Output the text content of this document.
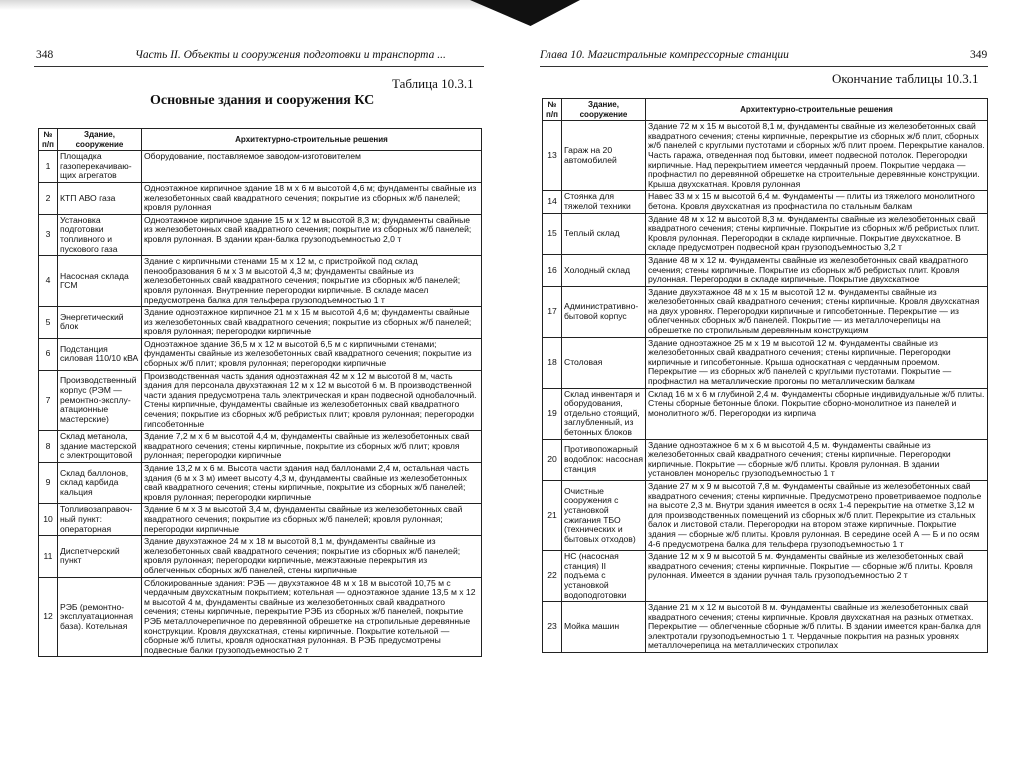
348	Часть II. Объекты и сооружения подготовки и транспорта ...
Таблица 10.3.1
Основные здания и сооружения КС
№ п/п	Здание, сооружение	Архитектурно-строительные решения
1	Площадка газоперекачиваю-щих агрегатов	Оборудование, поставляемое заводом-изготовителем
2	КТП АВО газа	Одноэтажное кирпичное здание 18 м х 6 м высотой 4,6 м; фундаменты свайные из железобетонных свай квадратного сечения; покрытие из сборных ж/б панелей; кровля рулонная
3	Установка подготовки топливного и пускового газа	Одноэтажное кирпичное здание 15 м х 12 м высотой 8,3 м; фундаменты свайные из железобетонных свай квадратного сечения; покрытие из сборных ж/б панелей; кровля рулонная. В здании кран-балка грузоподъемностью 2,0 т
4	Насосная склада ГСМ	Здание с кирпичными стенами 15 м х 12 м, с пристройкой под склад пенообразования 6 м х 3 м высотой 4,3 м; фундаменты свайные из железобетонных свай квадратного сечения; покрытие из сборных ж/б панелей; кровля рулонная. Внутренние перегородки кирпичные. В складе масел предусмотрена балка для тельфера грузоподъемностью 1 т
5	Энергетический блок	Здание одноэтажное кирпичное 21 м х 15 м высотой 4,6 м; фундаменты свайные из железобетонных свай квадратного сечения; покрытие из сборных ж/б панелей; кровля рулонная; перегородки кирпичные
6	Подстанция силовая 110/10 кВА	Одноэтажное здание 36,5 м х 12 м высотой 6,5 м с кирпичными стенами; фундаменты свайные из железобетонных свай квадратного сечения; покрытие из сборных ж/б плит; кровля рулонная; перегородки кирпичные
7	Производственный корпус (РЭМ — ремонтно-эксплу-атационные мастерские)	Производственная часть здания одноэтажная 42 м х 12 м высотой 8 м, часть здания для персонала двухэтажная 12 м х 12 м высотой 6 м. В производственной части здания предусмотрена таль электрическая и кран подвесной однобалочный. Стены кирпичные, фундаменты свайные из железобетонных свай квадратного сечения; покрытие из сборных ж/б ребристых плит; кровля рулонная; перегородки гипсобетонные
8	Склад метанола, здание мастерской с электрощитовой	Здание 7,2 м х 6 м высотой 4,4 м, фундаменты свайные из железобетонных свай квадратного сечения; стены кирпичные, покрытие из сборных ж/б плит; кровля рулонная; перегородки кирпичные
9	Склад баллонов, склад карбида кальция	Здание 13,2 м х 6 м. Высота части здания над баллонами 2,4 м, остальная часть здания (6 м х 3 м) имеет высоту 4,3 м, фундаменты свайные из железобетонных свай квадратного сечения; стены кирпичные, покрытие из сборных ж/б панелей; кровля рулонная; перегородки кирпичные
10	Топливозаправоч-ный пункт: операторная	Здание 6 м х 3 м высотой 3,4 м, фундаменты свайные из железобетонных свай квадратного сечения; покрытие из сборных ж/б панелей; кровля рулонная; перегородки кирпичные
11	Диспетчерский пункт	Здание двухэтажное 24 м х 18 м высотой 8,1 м, фундаменты свайные из железобетонных свай квадратного сечения; покрытие из сборных ж/б панелей; кровля рулонная; перегородки кирпичные, межэтажные перекрытия из облегченных сборных ж/б панелей, стены кирпичные
12	РЭБ (ремонтно-эксплуатационная база). Котельная	Сблокированные здания: РЭБ — двухэтажное 48 м х 18 м высотой 10,75 м с чердачным двухскатным покрытием; котельная — одноэтажное здание 13,5 м х 12 м высотой 4 м, фундаменты свайные из железобетонных свай квадратного сечения; стены кирпичные, перекрытие РЭБ из сборных ж/б панелей, покрытие РЭБ металлочерепичное по деревянной обрешетке на стропильные деревянные конструкции. Кровля двухскатная, стены кирпичные. Покрытие котельной — сборные ж/б плиты, кровля односкатная рулонная. В РЭБ предусмотрены подвесные балки грузоподъемностью 2 т
Глава 10. Магистральные компрессорные станции	349
Окончание таблицы 10.3.1
№ п/п	Здание, сооружение	Архитектурно-строительные решения
13	Гараж на 20 автомобилей	Здание 72 м х 15 м высотой 8,1 м, фундаменты свайные из железобетонных свай квадратного сечения; стены кирпичные, перекрытие из сборных ж/б плит, сборных ж/б панелей с круглыми пустотами и сборных ж/б плит проем. Перекрытие каналов. Часть гаража, отведенная под бытовки, имеет подвесной потолок. Перегородки кирпичные. Над перекрытием имеется чердачный проем. Покрытие чердака — профнастил по деревянной обрешетке на строительные деревянные конструкции. Крыша двухскатная. Кровля рулонная
14	Стоянка для тяжелой техники	Навес 33 м х 15 м высотой 6,4 м. Фундаменты — плиты из тяжелого монолитного бетона. Кровля двухскатная из профнастила по стальным балкам
15	Теплый склад	Здание 48 м х 12 м высотой 8,3 м. Фундаменты свайные из железобетонных свай квадратного сечения; стены кирпичные. Покрытие из сборных ж/б ребристых плит. Кровля рулонная. Перегородки в складе кирпичные. Покрытие двухскатное. В складе предусмотрен подвесной кран грузоподъемностью 3,2 т
16	Холодный склад	Здание 48 м х 12 м. Фундаменты свайные из железобетонных свай квадратного сечения; стены кирпичные. Покрытие из сборных ж/б ребристых плит. Кровля рулонная. Перегородки в складе кирпичные. Покрытие двухскатное
17	Административно-бытовой корпус	Здание двухэтажное 48 м х 15 м высотой 12 м. Фундаменты свайные из железобетонных свай квадратного сечения; стены кирпичные. Кровля двухскатная на двух уровнях. Перегородки кирпичные и гипсобетонные. Перекрытие — из облегченных сборных ж/б панелей. Покрытие — из металлочерепицы на обрешетке по стропильным деревянным конструкциям
18	Столовая	Здание одноэтажное 25 м х 19 м высотой 12 м. Фундаменты свайные из железобетонных свай квадратного сечения; стены кирпичные. Перегородки кирпичные и гипсобетонные. Крыша односкатная с чердачным проемом. Перекрытие — из сборных ж/б панелей с круглыми пустотами. Покрытие — профнастил на металлические прогоны по металлическим балкам
19	Склад инвентаря и оборудования, отдельно стоящий, заглубленный, из бетонных блоков	Склад 16 м х 6 м глубиной 2,4 м. Фундаменты сборные индивидуальные ж/б плиты. Стены сборные бетонные блоки. Покрытие сборно-монолитное из панелей и монолитного ж/б. Перегородки из кирпича
20	Противопожарный водоблок: насосная станция	Здание одноэтажное 6 м х 6 м высотой 4,5 м. Фундаменты свайные из железобетонных свай квадратного сечения; стены кирпичные. Перегородки кирпичные. Покрытие — сборные ж/б плиты. Кровля рулонная. В здании установлен монорельс грузоподъемностью 1 т
21	Очистные сооружения с установкой сжигания ТБО (технических и бытовых отходов)	Здание 27 м х 9 м высотой 7,8 м. Фундаменты свайные из железобетонных свай квадратного сечения; стены кирпичные. Предусмотрено проветриваемое подполье на высоте 2,3 м. Внутри здания имеется в осях 1-4 перекрытие на отметке 3,12 м для производственных помещений из сборных ж/б плит. Перекрытие из стальных балок и листовой стали. Перегородки на втором этаже кирпичные. Покрытие здания — сборные ж/б плиты. Кровля рулонная. В середине осей А — Б и по осям 4-6 предусмотрена балка для тельфера грузоподъемностью 1 т
22	НС (насосная станция) II подъема с установкой водоподготовки	Здание 12 м х 9 м высотой 5 м. Фундаменты свайные из железобетонных свай квадратного сечения; стены кирпичные. Покрытие — сборные ж/б плиты. Кровля рулонная. Имеется в здании ручная таль грузоподъемностью 2 т
23	Мойка машин	Здание 21 м х 12 м высотой 8 м. Фундаменты свайные из железобетонных свай квадратного сечения; стены кирпичные. Кровля двухскатная на разных отметках. Перекрытие — облегченные сборные ж/б плиты. В здании имеется кран-балка для электротали грузоподъемностью 1 т. Чердачные покрытия на разных уровнях металлочерепица на металлических стропилах
